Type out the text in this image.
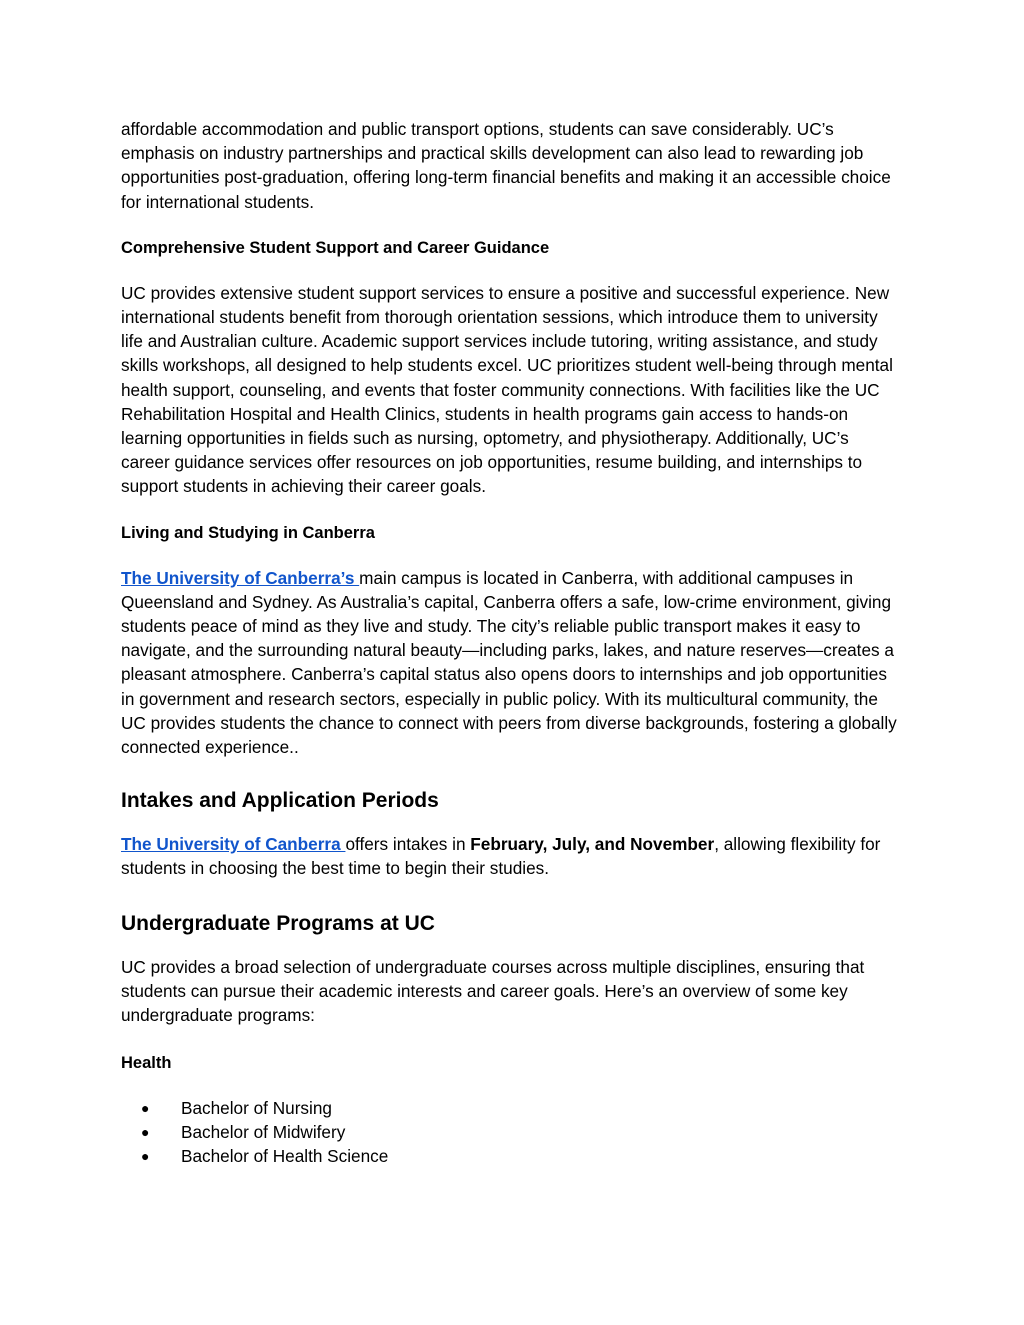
affordable accommodation and public transport options, students can save considerably. UC’s emphasis on industry partnerships and practical skills development can also lead to rewarding job opportunities post-graduation, offering long-term financial benefits and making it an accessible choice for international students.

Comprehensive Student Support and Career Guidance

UC provides extensive student support services to ensure a positive and successful experience. New international students benefit from thorough orientation sessions, which introduce them to university life and Australian culture. Academic support services include tutoring, writing assistance, and study skills workshops, all designed to help students excel. UC prioritizes student well-being through mental health support, counseling, and events that foster community connections. With facilities like the UC Rehabilitation Hospital and Health Clinics, students in health programs gain access to hands-on learning opportunities in fields such as nursing, optometry, and physiotherapy. Additionally, UC’s career guidance services offer resources on job opportunities, resume building, and internships to support students in achieving their career goals.

Living and Studying in Canberra

The University of Canberra’s main campus is located in Canberra, with additional campuses in Queensland and Sydney. As Australia’s capital, Canberra offers a safe, low-crime environment, giving students peace of mind as they live and study. The city’s reliable public transport makes it easy to navigate, and the surrounding natural beauty—including parks, lakes, and nature reserves—creates a pleasant atmosphere. Canberra’s capital status also opens doors to internships and job opportunities in government and research sectors, especially in public policy. With its multicultural community, the UC provides students the chance to connect with peers from diverse backgrounds, fostering a globally connected experience..

Intakes and Application Periods

The University of Canberra offers intakes in February, July, and November, allowing flexibility for students in choosing the best time to begin their studies.

Undergraduate Programs at UC

UC provides a broad selection of undergraduate courses across multiple disciplines, ensuring that students can pursue their academic interests and career goals. Here’s an overview of some key undergraduate programs:

Health
● Bachelor of Nursing
● Bachelor of Midwifery
● Bachelor of Health Science
